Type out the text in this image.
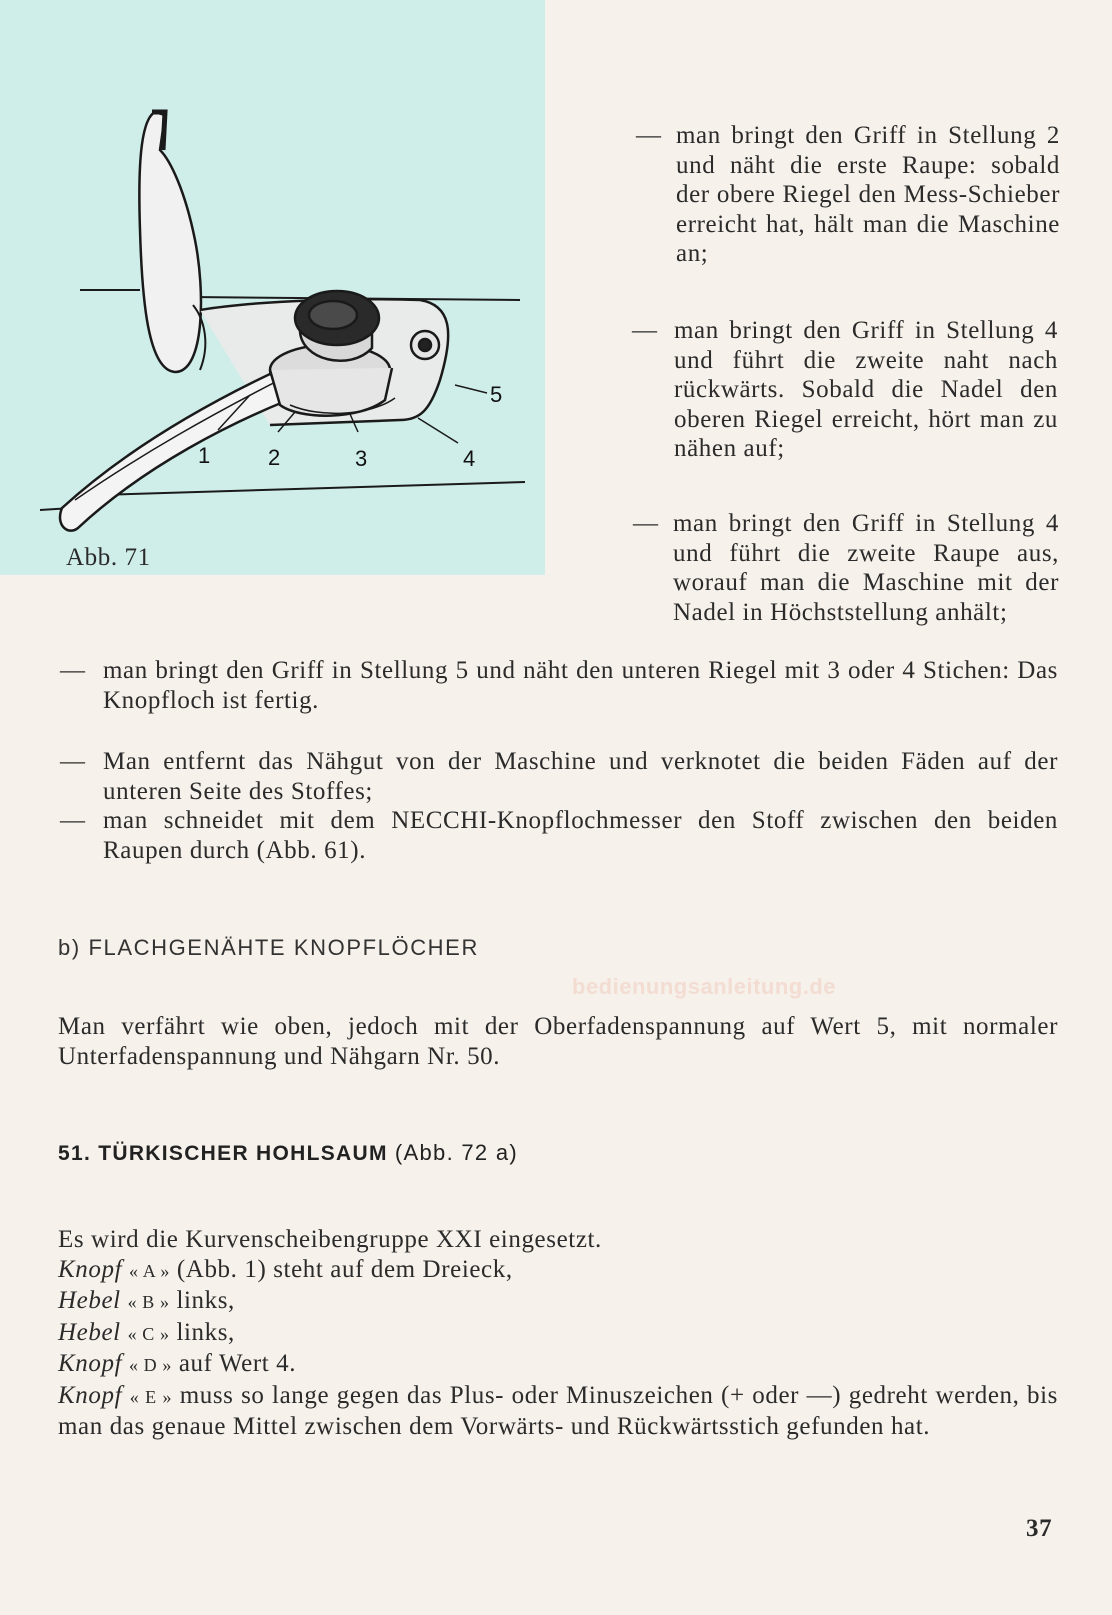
1	2	3	4
5
Abb. 71
— man bringt den Griff in Stellung 2 und näht die erste Raupe: sobald der obere Riegel den Mess-Schieber erreicht hat, hält man die Maschine an;
— man bringt den Griff in Stellung 4 und führt die zweite naht nach rückwärts. Sobald die Nadel den oberen Riegel erreicht, hört man zu nähen auf;
— man bringt den Griff in Stellung 4 und führt die zweite Raupe aus, worauf man die Maschine mit der Nadel in Höchststellung anhält;
— man bringt den Griff in Stellung 5 und näht den unteren Riegel mit 3 oder 4 Stichen: Das Knopfloch ist fertig.
— Man entfernt das Nähgut von der Maschine und verknotet die beiden Fäden auf der unteren Seite des Stoffes;
— man schneidet mit dem NECCHI-Knopflochmesser den Stoff zwischen den beiden Raupen durch (Abb. 61).
b) FLACHGENÄHTE KNOPFLÖCHER
bedienungsanleitung.de
Man verfährt wie oben, jedoch mit der Oberfadenspannung auf Wert 5, mit normaler Unterfadenspannung und Nähgarn Nr. 50.
51. TÜRKISCHER HOHLSAUM (Abb. 72 a)
Es wird die Kurvenscheibengruppe XXI eingesetzt.
Knopf « A » (Abb. 1) steht auf dem Dreieck,
Hebel « B » links,
Hebel « C » links,
Knopf « D » auf Wert 4.
Knopf « E » muss so lange gegen das Plus- oder Minuszeichen (+ oder —) gedreht werden, bis man das genaue Mittel zwischen dem Vorwärts- und Rückwärtsstich gefunden hat.
37
